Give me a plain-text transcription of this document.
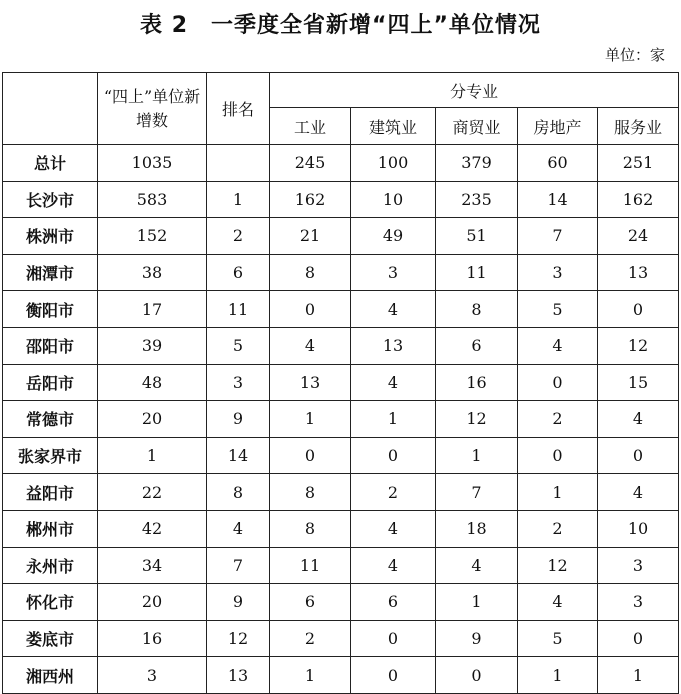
表 2　一季度全省新增“四上”单位情况
单位：家
	“四上”单位新增数	排名	分专业				
			工业	建筑业	商贸业	房地产	服务业
总计	1035		245	100	379	60	251
长沙市	583	1	162	10	235	14	162
株洲市	152	2	21	49	51	7	24
湘潭市	38	6	8	3	11	3	13
衡阳市	17	11	0	4	8	5	0
邵阳市	39	5	4	13	6	4	12
岳阳市	48	3	13	4	16	0	15
常德市	20	9	1	1	12	2	4
张家界市	1	14	0	0	1	0	0
益阳市	22	8	8	2	7	1	4
郴州市	42	4	8	4	18	2	10
永州市	34	7	11	4	4	12	3
怀化市	20	9	6	6	1	4	3
娄底市	16	12	2	0	9	5	0
湘西州	3	13	1	0	0	1	1
